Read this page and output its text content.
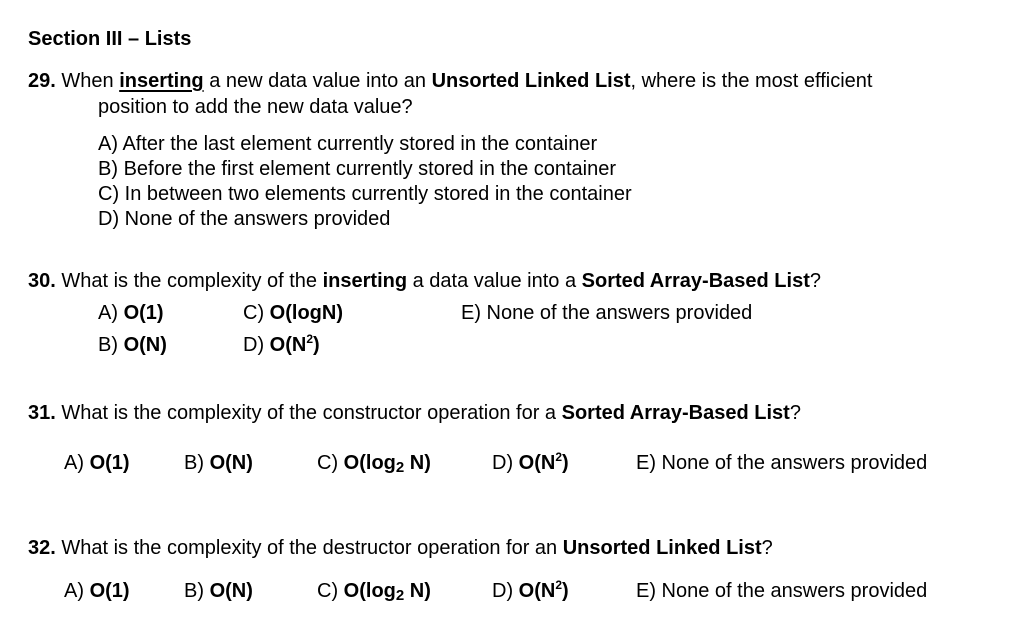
Section III – Lists
29. When inserting a new data value into an Unsorted Linked List, where is the most efficient
position to add the new data value?
A) After the last element currently stored in the container
B) Before the first element currently stored in the container
C) In between two elements currently stored in the container
D) None of the answers provided
30. What is the complexity of the inserting a data value into a Sorted Array-Based List?
A) O(1)
B) O(N)
C) O(logN)
D) $O(N^2)$
E) None of the answers provided
31. What is the complexity of the constructor operation for a Sorted Array-Based List?
A) O(1)	B) O(N)	C) O(log2 N)	D) $O(N^2)$	E) None of the answers provided
32. What is the complexity of the destructor operation for an Unsorted Linked List?
A) O(1)	B) O(N)	C) O(log2 N)	D) $O(N^2)$	E) None of the answers provided
